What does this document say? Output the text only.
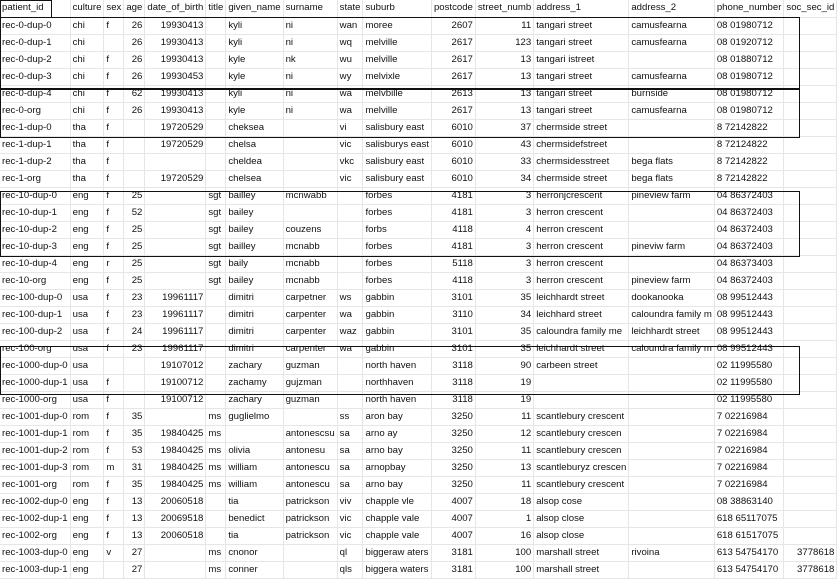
patient_id	culture	sex	age	date_of_birth	title	given_name	surname	state	suburb	postcode	street_numb	address_1	address_2	phone_number	soc_sec_id
rec-0-dup-0	chi	f	26	19930413		kyli	ni	wan	moree	2607	11	tangari street	camusfearna	08 01980712	
rec-0-dup-1	chi		26	19930413		kyli	ni	wq	melville	2617	123	tangari street	camusfearna	08 01920712	
rec-0-dup-2	chi	f	26	19930413		kyle	nk	wu	melville	2617	13	tangari istreet		08 01880712	
rec-0-dup-3	chi	f	26	19930453		kyle	ni	wy	melvixle	2617	13	tangari street	camusfearna	08 01980712	
rec-0-dup-4	chi	f	62	19930413		kyli	ni	wa	melvbille	2613	13	tangari street	burnside	08 01980712	
rec-0-org	chi	f	26	19930413		kyle	ni	wa	melville	2617	13	tangari street	camusfearna	08 01980712	
rec-1-dup-0	tha	f		19720529		cheksea		vi	salisbury east	6010	37	chermside street		8 72142822	
rec-1-dup-1	tha	f		19720529		chelsa		vic	salisburys east	6010	43	chermsidefstreet		8 72124822	
rec-1-dup-2	tha	f				cheldea		vkc	salisbury east	6010	33	chermsidesstreet	bega flats	8 72142822	
rec-1-org	tha	f		19720529		chelsea		vic	salisbury east	6010	34	chermside street	bega flats	8 72142822	
rec-10-dup-0	eng	f	25		sgt	bailley	mcnwabb		forbes	4181	3	herronjcrescent	pineview farm	04 86372403	
rec-10-dup-1	eng	f	52		sgt	bailey			forbes	4181	3	herron crescent		04 86372403	
rec-10-dup-2	eng	f	25		sgt	bailey	couzens		forbs	4118	4	herron crescent		04 86372403	
rec-10-dup-3	eng	f	25		sgt	bailley	mcnabb		forbes	4181	3	herron crescent	pineviw farm	04 86372403	
rec-10-dup-4	eng	r	25		sgt	baily	mcnabb		forbes	5118	3	herron crescent		04 86373403	
rec-10-org	eng	f	25		sgt	bailey	mcnabb		forbes	4118	3	herron crescent	pineview farm	04 86372403	
rec-100-dup-0	usa	f	23	19961117		dimitri	carpetner	ws	gabbin	3101	35	leichhardt street	dookanooka	08 99512443	
rec-100-dup-1	usa	f	23	19961117		dimitri	carpenter	wa	gabbin	3110	34	leichhard street	caloundra family m	08 99512443	
rec-100-dup-2	usa	f	24	19961117		dimitri	carpenter	waz	gabbin	3101	35	caloundra family me	leichhardt street	08 99512443	
rec-100-org	usa	f	23	19961117		dimitri	carpenter	wa	gabbin	3101	35	leichhardt street	caloundra family m	08 99512443	
rec-1000-dup-0	usa			19107012		zachary	guzman		north haven	3118	90	carbeen street		02 11995580	
rec-1000-dup-1	usa	f		19100712		zachamy	gujzman		northhaven	3118	19			02 11995580	
rec-1000-org	usa	f		19100712		zachary	guzman		north haven	3118	19			02 11995580	
rec-1001-dup-0	rom	f	35		ms	guglielmo		ss	aron bay	3250	11	scantlebury crescent		7 02216984	
rec-1001-dup-1	rom	f	35	19840425	ms		antonescsu	sa	arno ay	3250	12	scantlebury crescen		7 02216984	
rec-1001-dup-2	rom	f	53	19840425	ms	olivia	antonesu	sa	arno bay	3250	11	scantlebury crescen		7 02216984	
rec-1001-dup-3	rom	m	31	19840425	ms	william	antonescu	sa	arnopbay	3250	13	scantleburyz crescen		7 02216984	
rec-1001-org	rom	f	35	19840425	ms	william	antonescu	sa	arno bay	3250	11	scantlebury crescent		7 02216984	
rec-1002-dup-0	eng	f	13	20060518		tia	patrickson	viv	chapple vle	4007	18	alsop cose		08 38863140	
rec-1002-dup-1	eng	f	13	20069518		benedict	patrickson	vic	chapple vale	4007	1	alsop close		618 65117075	
rec-1002-org	eng	f	13	20060518		tia	patrickson	vic	chapple vale	4007	16	alsop close		618 61517075	
rec-1003-dup-0	eng	v	27		ms	cnonor		ql	biggeraw aters	3181	100	marshall street	rivoina	613 54754170	3778618
rec-1003-dup-1	eng		27		ms	conner		qls	biggera waters	3181	100	marshall street		613 54754170	3778618
